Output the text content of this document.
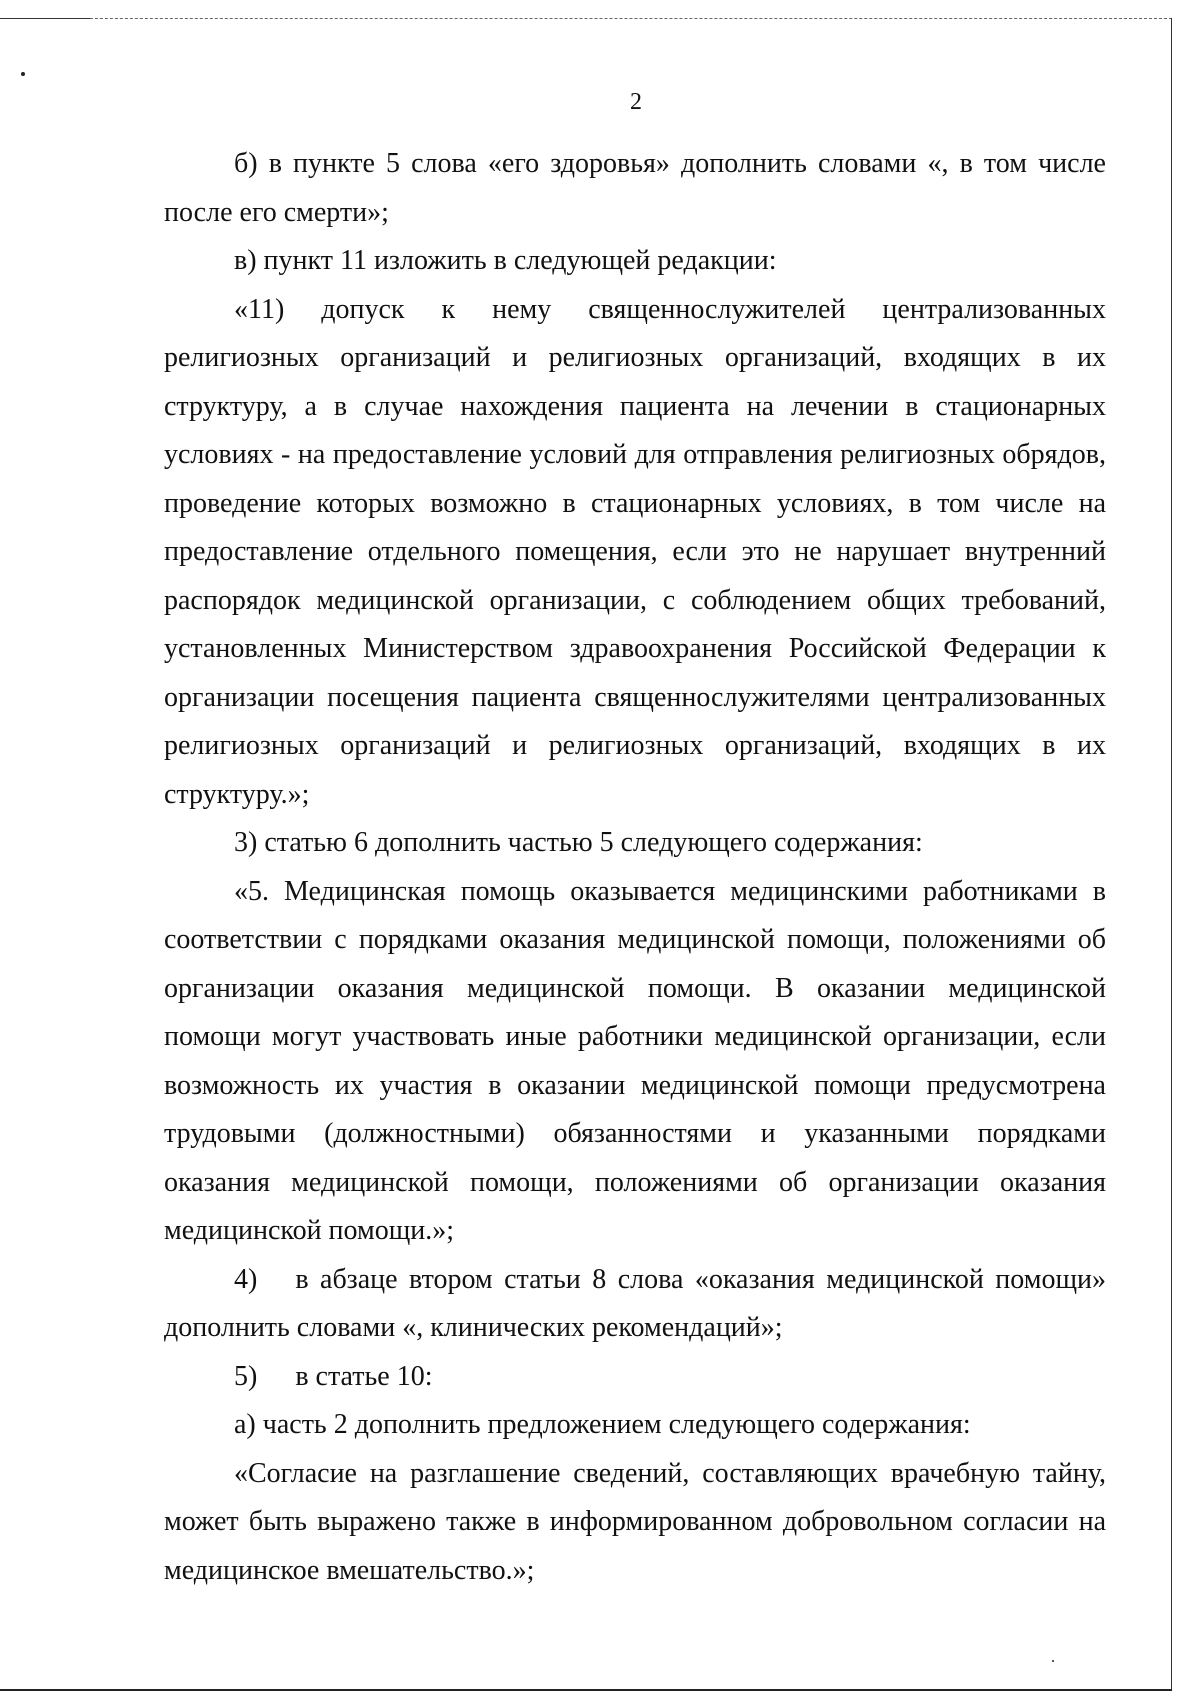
2

б) в пункте 5 слова «его здоровья» дополнить словами «, в том числе после его смерти»;

в) пункт 11 изложить в следующей редакции:

«11) допуск к нему священнослужителей централизованных религиозных организаций и религиозных организаций, входящих в их структуру, а в случае нахождения пациента на лечении в стационарных условиях - на предоставление условий для отправления религиозных обрядов, проведение которых возможно в стационарных условиях, в том числе на предоставление отдельного помещения, если это не нарушает внутренний распорядок медицинской организации, с соблюдением общих требований, установленных Министерством здравоохранения Российской Федерации к организации посещения пациента священнослужителями централизованных религиозных организаций и религиозных организаций, входящих в их структуру.»;

3) статью 6 дополнить частью 5 следующего содержания:

«5. Медицинская помощь оказывается медицинскими работниками в соответствии с порядками оказания медицинской помощи, положениями об организации оказания медицинской помощи. В оказании медицинской помощи могут участвовать иные работники медицинской организации, если возможность их участия в оказании медицинской помощи предусмотрена трудовыми (должностными) обязанностями и указанными порядками оказания медицинской помощи, положениями об организации оказания медицинской помощи.»;

4) в абзаце втором статьи 8 слова «оказания медицинской помощи» дополнить словами «, клинических рекомендаций»;

5) в статье 10:

а) часть 2 дополнить предложением следующего содержания:

«Согласие на разглашение сведений, составляющих врачебную тайну, может быть выражено также в информированном добровольном согласии на медицинское вмешательство.»;
